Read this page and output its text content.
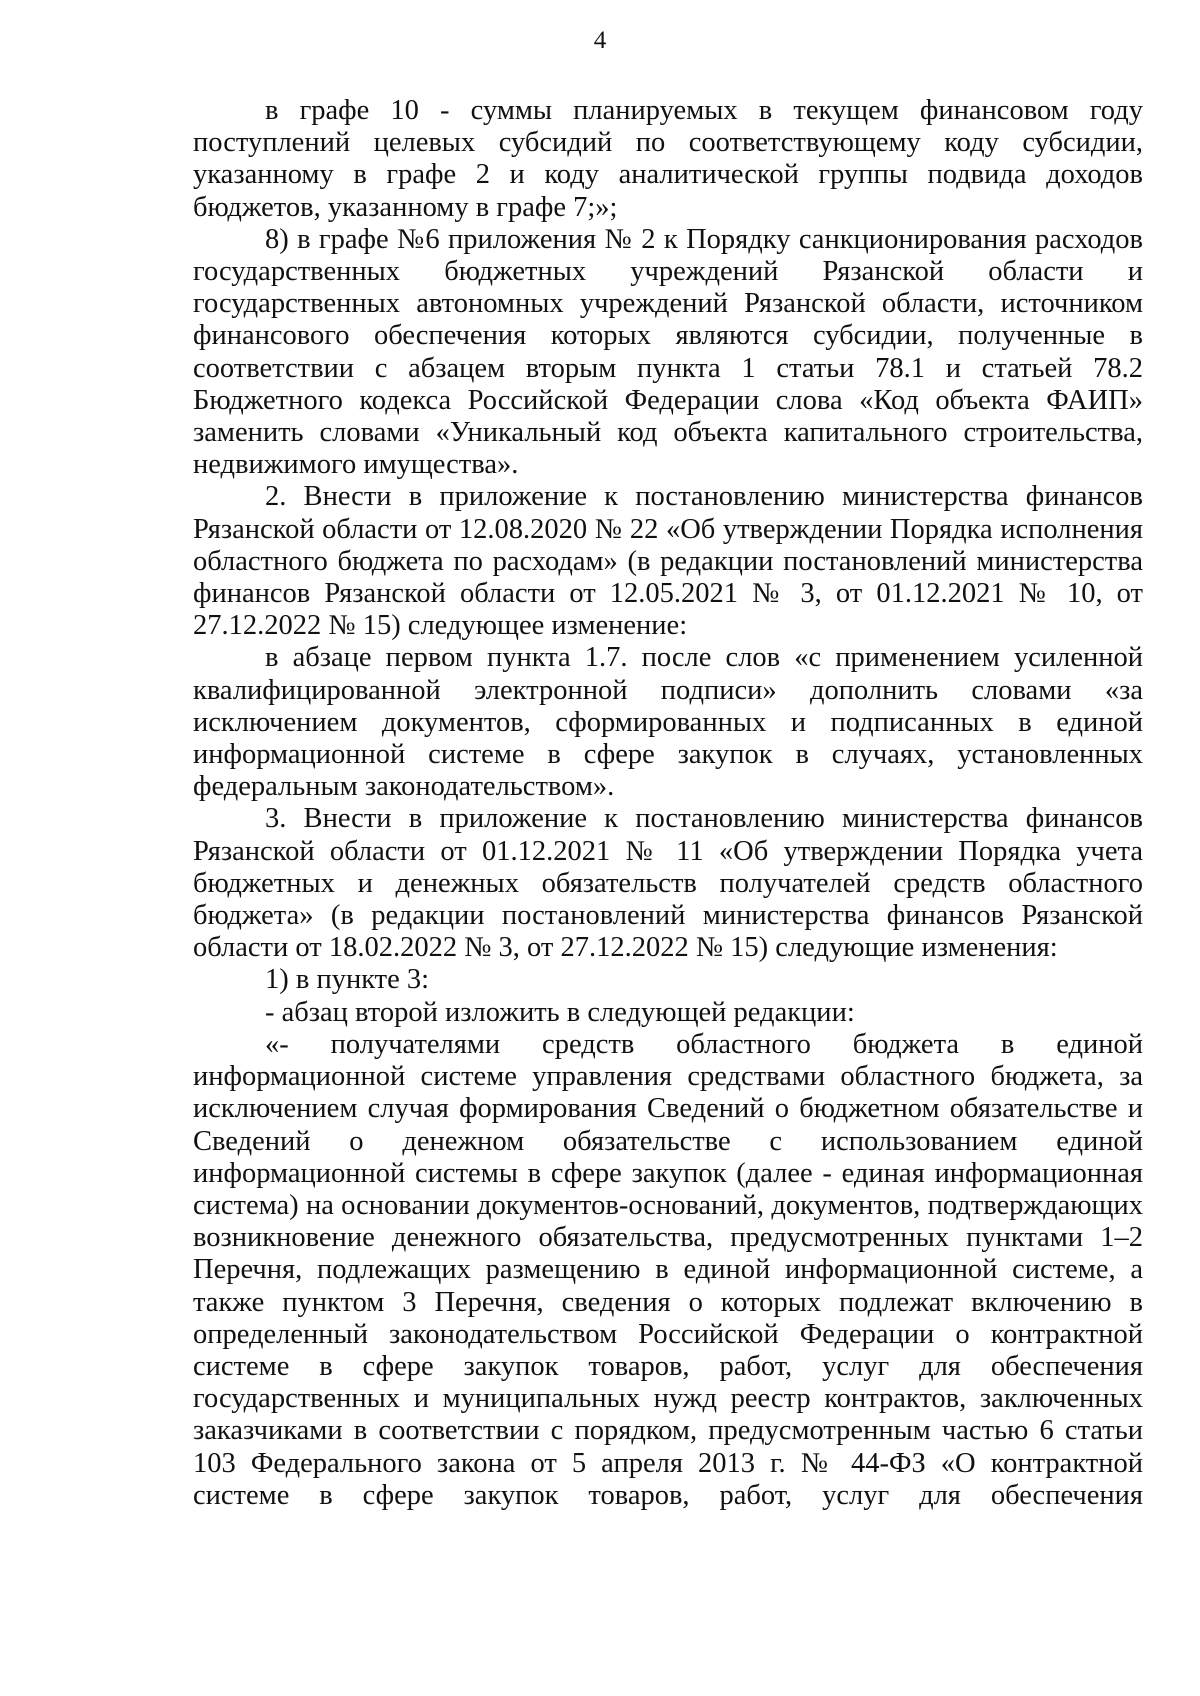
4

в графе 10 - суммы планируемых в текущем финансовом году поступлений целевых субсидий по соответствующему коду субсидии, указанному в графе 2 и коду аналитической группы подвида доходов бюджетов, указанному в графе 7;»;

8) в графе №6 приложения № 2 к Порядку санкционирования расходов государственных бюджетных учреждений Рязанской области и государственных автономных учреждений Рязанской области, источником финансового обеспечения которых являются субсидии, полученные в соответствии с абзацем вторым пункта 1 статьи 78.1 и статьей 78.2 Бюджетного кодекса Российской Федерации слова «Код объекта ФАИП» заменить словами «Уникальный код объекта капитального строительства, недвижимого имущества».

2. Внести в приложение к постановлению министерства финансов Рязанской области от 12.08.2020 № 22 «Об утверждении Порядка исполнения областного бюджета по расходам» (в редакции постановлений министерства финансов Рязанской области от 12.05.2021 № 3, от 01.12.2021 № 10, от 27.12.2022 № 15) следующее изменение:

в абзаце первом пункта 1.7. после слов «с применением усиленной квалифицированной электронной подписи» дополнить словами «за исключением документов, сформированных и подписанных в единой информационной системе в сфере закупок в случаях, установленных федеральным законодательством».

3. Внести в приложение к постановлению министерства финансов Рязанской области от 01.12.2021 № 11 «Об утверждении Порядка учета бюджетных и денежных обязательств получателей средств областного бюджета» (в редакции постановлений министерства финансов Рязанской области от 18.02.2022 № 3, от 27.12.2022 № 15) следующие изменения:

1) в пункте 3:

- абзац второй изложить в следующей редакции:

«- получателями средств областного бюджета в единой информационной системе управления средствами областного бюджета, за исключением случая формирования Сведений о бюджетном обязательстве и Сведений о денежном обязательстве с использованием единой информационной системы в сфере закупок (далее - единая информационная система) на основании документов-оснований, документов, подтверждающих возникновение денежного обязательства, предусмотренных пунктами 1–2 Перечня, подлежащих размещению в единой информационной системе, а также пунктом 3 Перечня, сведения о которых подлежат включению в определенный законодательством Российской Федерации о контрактной системе в сфере закупок товаров, работ, услуг для обеспечения государственных и муниципальных нужд реестр контрактов, заключенных заказчиками в соответствии с порядком, предусмотренным частью 6 статьи 103 Федерального закона от 5 апреля 2013 г. № 44-ФЗ «О контрактной системе в сфере закупок товаров, работ, услуг для обеспечения
